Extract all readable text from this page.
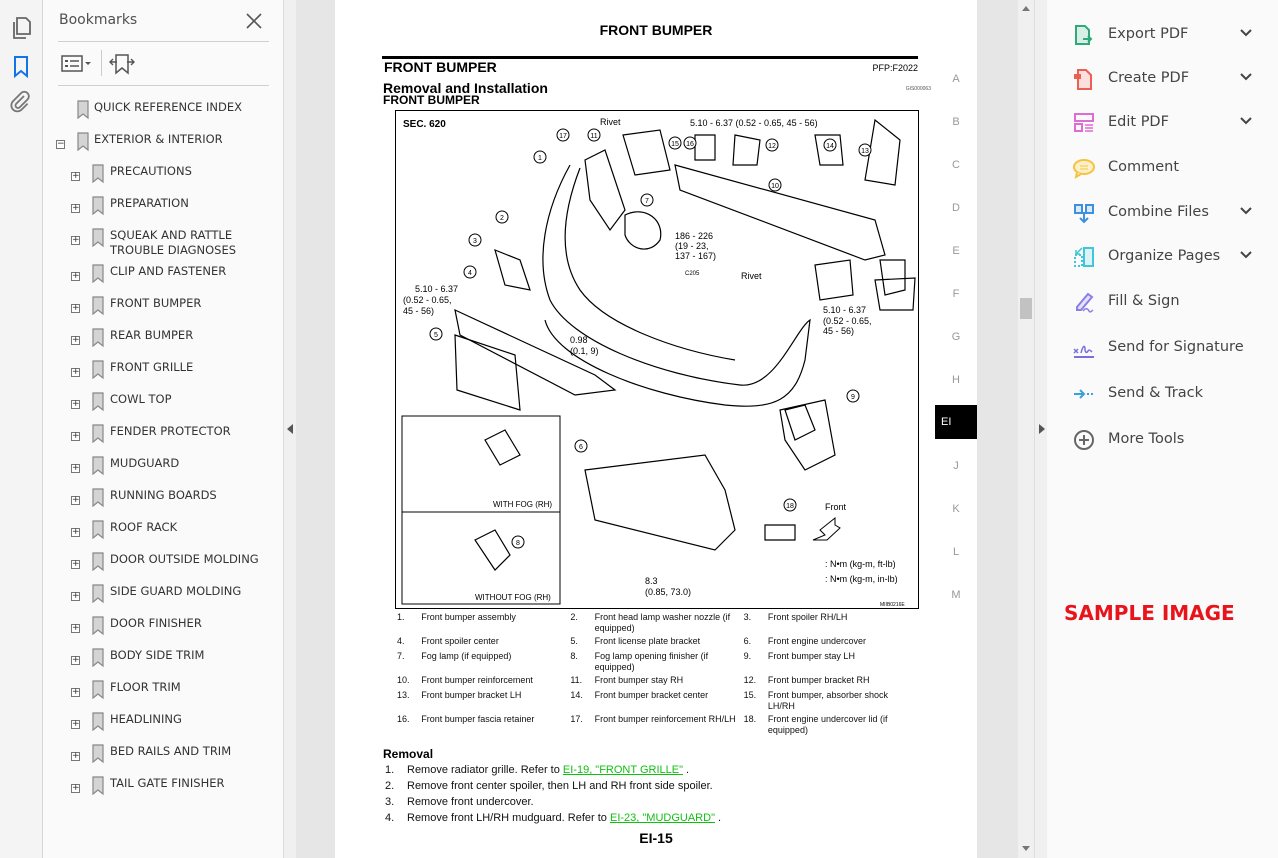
Bookmarks
QUICK REFERENCE INDEX
−	EXTERIOR & INTERIOR
+	PRECAUTIONS
+	PREPARATION
+	SQUEAK AND RATTLE TROUBLE DIAGNOSES
+	CLIP AND FASTENER
+	FRONT BUMPER
+	REAR BUMPER
+	FRONT GRILLE
+	COWL TOP
+	FENDER PROTECTOR
+	MUDGUARD
+	RUNNING BOARDS
+	ROOF RACK
+	DOOR OUTSIDE MOLDING
+	SIDE GUARD MOLDING
+	DOOR FINISHER
+	BODY SIDE TRIM
+	FLOOR TRIM
+	HEADLINING
+	BED RAILS AND TRIM
+	TAIL GATE FINISHER
FRONT BUMPER
FRONT BUMPER	PFP:F2022
Removal and Installation	GIS000063
FRONT BUMPER
SEC. 620	Rivet
Rivet
5.10 - 6.37 (0.52 - 0.65, 45 - 56)
186 - 226
(19 - 23,
137 - 167)
5.10 - 6.37
(0.52 - 0.65,
45 - 56)	5.10 - 6.37
(0.52 - 0.65,
45 - 56)
0.98
(0.1, 9)
8.3
(0.85, 73.0)
C205
WITH FOG (RH)
WITHOUT FOG (RH)
Front
: N•m (kg-m, ft-lb)
: N•m (kg-m, in-lb)
MIIB0216E
1
2
3
4
5
6
7
8
9
10
11
12
13
14
15 16
17
18
A
B
C
D
E
F
G
H
EI
J
K
L
M
1.	Front bumper assembly	2.	Front head lamp washer nozzle (if equipped)	3.	Front spoiler RH/LH
4.	Front spoiler center	5.	Front license plate bracket	6.	Front engine undercover
7.	Fog lamp (if equipped)	8.	Fog lamp opening finisher (if equipped)	9.	Front bumper stay LH
10.	Front bumper reinforcement	11.	Front bumper stay RH	12.	Front bumper bracket RH
13.	Front bumper bracket LH	14.	Front bumper bracket center	15.	Front bumper, absorber shock LH/RH
16.	Front bumper fascia retainer	17.	Front bumper reinforcement RH/LH	18.	Front engine undercover lid (if equipped)
Removal
1. Remove radiator grille. Refer to EI-19, "FRONT GRILLE" .
2. Remove front center spoiler, then LH and RH front side spoiler.
3. Remove front undercover.
4. Remove front LH/RH mudguard. Refer to EI-23, "MUDGUARD" .
EI-15
Export PDF
Create PDF
Edit PDF
Comment
Combine Files
Organize Pages
Fill & Sign
Send for Signature
Send & Track
More Tools
SAMPLE IMAGE
